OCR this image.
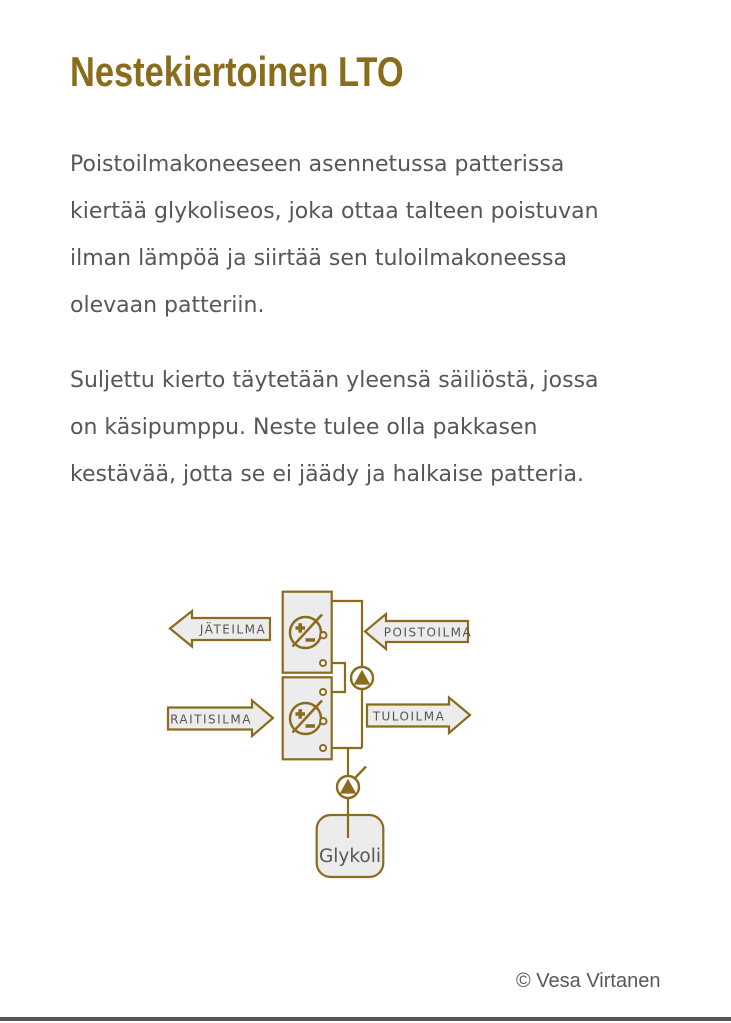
Nestekiertoinen LTO
Poistoilmakoneeseen asennetussa patterissa
kiertää glykoliseos, joka ottaa talteen poistuvan
ilman lämpöä ja siirtää sen tuloilmakoneessa
olevaan patteriin.
Suljettu kierto täytetään yleensä säiliöstä, jossa
on käsipumppu. Neste tulee olla pakkasen
kestävää, jotta se ei jäädy ja halkaise patteria.
Glykoli
JÄTEILMA	POISTOILMA
RAITISILMA	TULOILMA
© Vesa Virtanen
